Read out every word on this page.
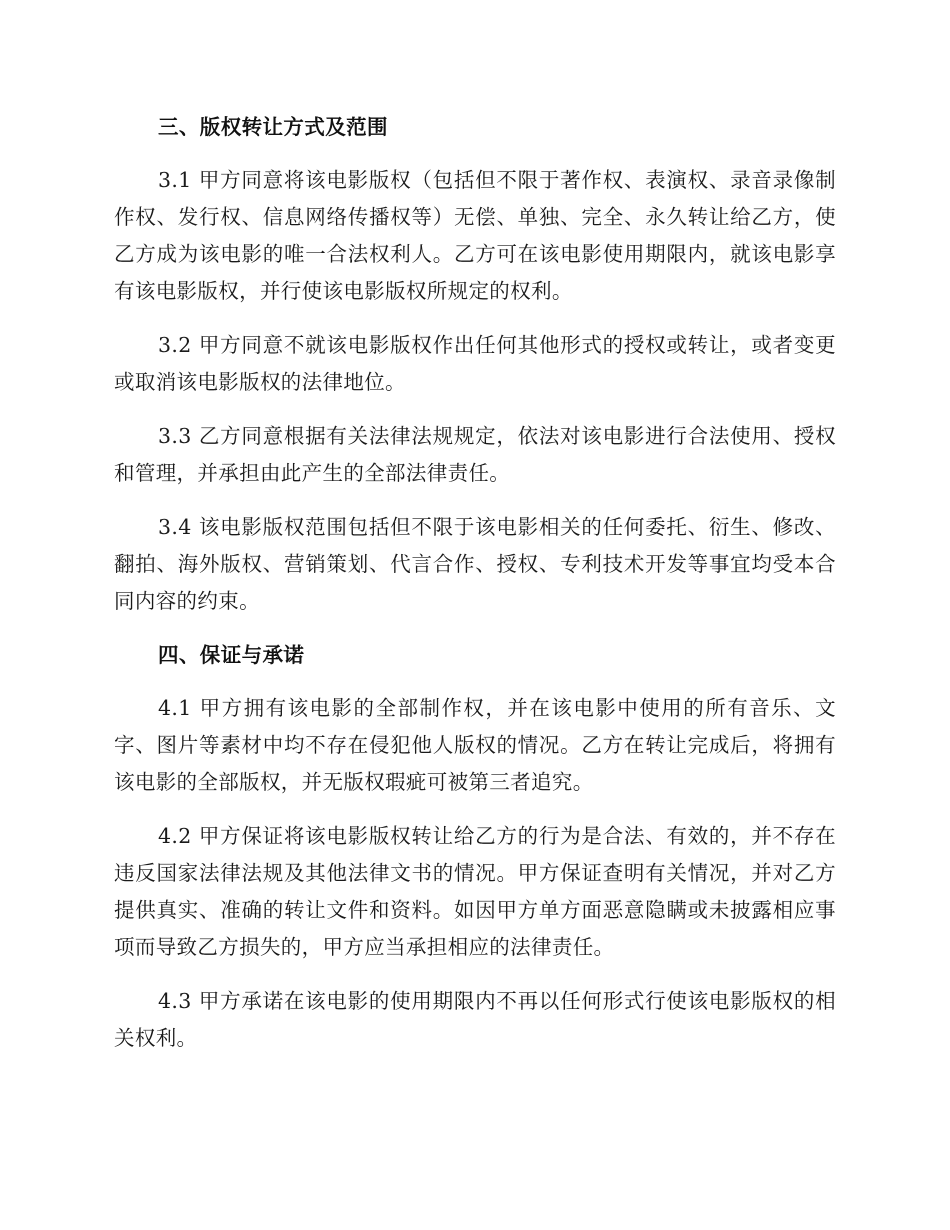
三、版权转让方式及范围

3.1 甲方同意将该电影版权（包括但不限于著作权、表演权、录音录像制作权、发行权、信息网络传播权等）无偿、单独、完全、永久转让给乙方，使乙方成为该电影的唯一合法权利人。乙方可在该电影使用期限内，就该电影享有该电影版权，并行使该电影版权所规定的权利。

3.2 甲方同意不就该电影版权作出任何其他形式的授权或转让，或者变更或取消该电影版权的法律地位。

3.3 乙方同意根据有关法律法规规定，依法对该电影进行合法使用、授权和管理，并承担由此产生的全部法律责任。

3.4 该电影版权范围包括但不限于该电影相关的任何委托、衍生、修改、翻拍、海外版权、营销策划、代言合作、授权、专利技术开发等事宜均受本合同内容的约束。

四、保证与承诺

4.1 甲方拥有该电影的全部制作权，并在该电影中使用的所有音乐、文字、图片等素材中均不存在侵犯他人版权的情况。乙方在转让完成后，将拥有该电影的全部版权，并无版权瑕疵可被第三者追究。

4.2 甲方保证将该电影版权转让给乙方的行为是合法、有效的，并不存在违反国家法律法规及其他法律文书的情况。甲方保证查明有关情况，并对乙方提供真实、准确的转让文件和资料。如因甲方单方面恶意隐瞒或未披露相应事项而导致乙方损失的，甲方应当承担相应的法律责任。

4.3 甲方承诺在该电影的使用期限内不再以任何形式行使该电影版权的相关权利。
